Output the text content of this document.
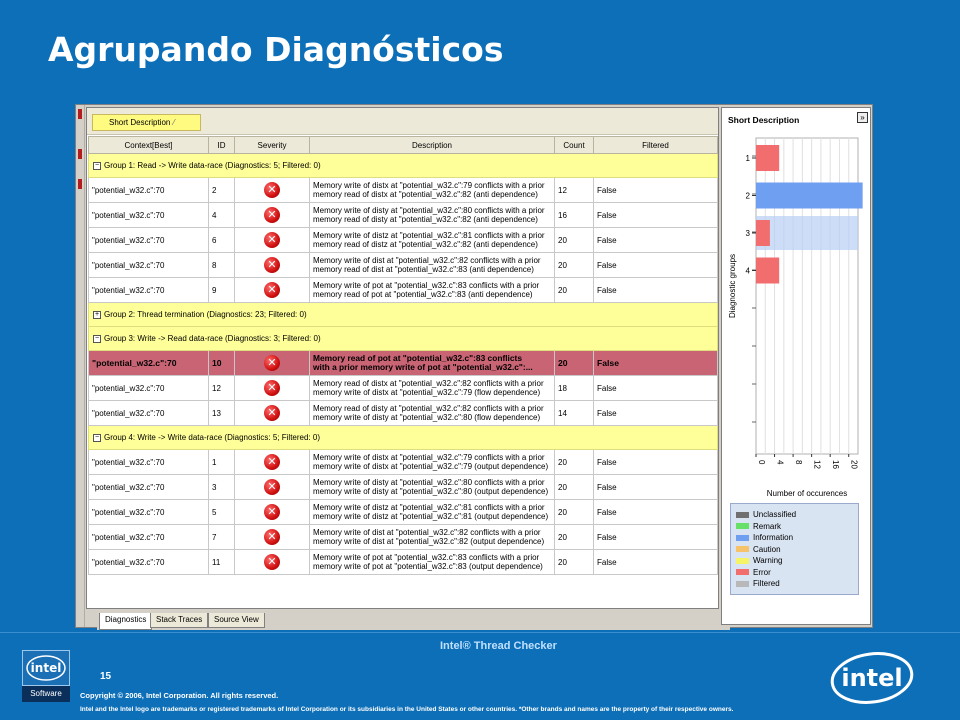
Agrupando Diagnósticos
Short Description ⁄
Context[Best]	ID	Severity	Description	Count	Filtered
− Group 1: Read -> Write data-race (Diagnostics: 5; Filtered: 0)					
"potential_w32.c":70	2	✕	Memory write of distx at "potential_w32.c":79 conflicts with a prior
memory read of distx at "potential_w32.c":82 (anti dependence)	12	False
"potential_w32.c":70	4	✕	Memory write of disty at "potential_w32.c":80 conflicts with a prior
memory read of disty at "potential_w32.c":82 (anti dependence)	16	False
"potential_w32.c":70	6	✕	Memory write of distz at "potential_w32.c":81 conflicts with a prior
memory read of distz at "potential_w32.c":82 (anti dependence)	20	False
"potential_w32.c":70	8	✕	Memory write of dist at "potential_w32.c":82 conflicts with a prior
memory read of dist at "potential_w32.c":83 (anti dependence)	20	False
"potential_w32.c":70	9	✕	Memory write of pot at "potential_w32.c":83 conflicts with a prior
memory read of pot at "potential_w32.c":83 (anti dependence)	20	False
+ Group 2: Thread termination (Diagnostics: 23; Filtered: 0)					
− Group 3: Write -> Read data-race (Diagnostics: 3; Filtered: 0)					
"potential_w32.c":70	10	✕	Memory read of pot at "potential_w32.c":83 conflicts
with a prior memory write of pot at "potential_w32.c":...	20	False
"potential_w32.c":70	12	✕	Memory read of distx at "potential_w32.c":82 conflicts with a prior
memory write of distx at "potential_w32.c":79 (flow dependence)	18	False
"potential_w32.c":70	13	✕	Memory read of disty at "potential_w32.c":82 conflicts with a prior
memory write of disty at "potential_w32.c":80 (flow dependence)	14	False
− Group 4: Write -> Write data-race (Diagnostics: 5; Filtered: 0)					
"potential_w32.c":70	1	✕	Memory write of distx at "potential_w32.c":79 conflicts with a prior
memory write of distx at "potential_w32.c":79 (output dependence)	20	False
"potential_w32.c":70	3	✕	Memory write of disty at "potential_w32.c":80 conflicts with a prior
memory write of disty at "potential_w32.c":80 (output dependence)	20	False
"potential_w32.c":70	5	✕	Memory write of distz at "potential_w32.c":81 conflicts with a prior
memory write of distz at "potential_w32.c":81 (output dependence)	20	False
"potential_w32.c":70	7	✕	Memory write of dist at "potential_w32.c":82 conflicts with a prior
memory write of dist at "potential_w32.c":82 (output dependence)	20	False
"potential_w32.c":70	11	✕	Memory write of pot at "potential_w32.c":83 conflicts with a prior
memory write of pot at "potential_w32.c":83 (output dependence)	20	False
Diagnostics	Stack Traces	Source View
Short Description	»
1
2
3
4
0 4 8 12 16 20
Number of occurences
Diagnostic groups
Unclassified
Remark
Information
Caution
Warning
Error
Filtered
Intel® Thread Checker
intel
Software
15
Copyright © 2006, Intel Corporation. All rights reserved.
Intel and the Intel logo are trademarks or registered trademarks of Intel Corporation or its subsidiaries in the United States or other countries. *Other brands and names are the property of their respective owners.
intel
